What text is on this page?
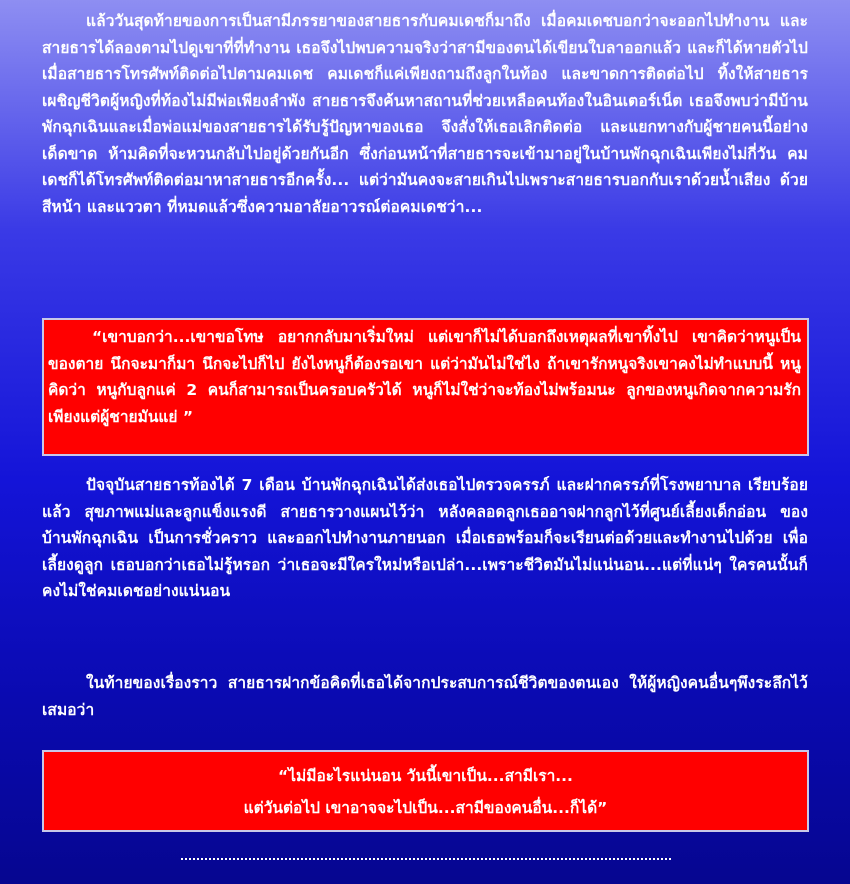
แล้ววันสุดท้ายของการเป็นสามีภรรยาของสายธารกับคมเดชก็มาถึง เมื่อคมเดชบอกว่าจะออกไปทำงาน และสายธารได้ลองตามไปดูเขาที่ที่ทำงาน เธอจึงไปพบความจริงว่าสามีของตนได้เขียนใบลาออกแล้ว และก็ได้หายตัวไป เมื่อสายธารโทรศัพท์ติดต่อไปตามคมเดช คมเดชก็แค่เพียงถามถึงลูกในท้อง และขาดการติดต่อไป ทิ้งให้สายธารเผชิญชีวิตผู้หญิงที่ท้องไม่มีพ่อเพียงลำพัง สายธารจึงค้นหาสถานที่ช่วยเหลือคนท้องในอินเตอร์เน็ต เธอจึงพบว่ามีบ้านพักฉุกเฉินและเมื่อพ่อแม่ของสายธารได้รับรู้ปัญหาของเธอ จึงสั่งให้เธอเลิกติดต่อ และแยกทางกับผู้ชายคนนี้อย่างเด็ดขาด ห้ามคิดที่จะหวนกลับไปอยู่ด้วยกันอีก ซึ่งก่อนหน้าที่สายธารจะเข้ามาอยู่ในบ้านพักฉุกเฉินเพียงไม่กี่วัน คมเดชก็ได้โทรศัพท์ติดต่อมาหาสายธารอีกครั้ง... แต่ว่ามันคงจะสายเกินไปเพราะสายธารบอกกับเราด้วยน้ำเสียง ด้วยสีหน้า และแววตา ที่หมดแล้วซึ่งความอาลัยอาวรณ์ต่อคมเดชว่า...

“เขาบอกว่า...เขาขอโทษ อยากกลับมาเริ่มใหม่ แต่เขาก็ไม่ได้บอกถึงเหตุผลที่เขาทิ้งไป เขาคิดว่าหนูเป็นของตาย นึกจะมาก็มา นึกจะไปก็ไป ยังไงหนูก็ต้องรอเขา แต่ว่ามันไม่ใช่ไง ถ้าเขารักหนูจริงเขาคงไม่ทำแบบนี้ หนูคิดว่า หนูกับลูกแค่ 2 คนก็สามารถเป็นครอบครัวได้ หนูก็ไม่ใช่ว่าจะท้องไม่พร้อมนะ ลูกของหนูเกิดจากความรัก เพียงแต่ผู้ชายมันแย่ ”

ปัจจุบันสายธารท้องได้ 7 เดือน บ้านพักฉุกเฉินได้ส่งเธอไปตรวจครรภ์ และฝากครรภ์ที่โรงพยาบาล เรียบร้อยแล้ว สุขภาพแม่และลูกแข็งแรงดี สายธารวางแผนไว้ว่า หลังคลอดลูกเธออาจฝากลูกไว้ที่ศูนย์เลี้ยงเด็กอ่อน ของ บ้านพักฉุกเฉิน เป็นการชั่วคราว และออกไปทำงานภายนอก เมื่อเธอพร้อมก็จะเรียนต่อด้วยและทำงานไปด้วย เพื่อเลี้ยงดูลูก เธอบอกว่าเธอไม่รู้หรอก ว่าเธอจะมีใครใหม่หรือเปล่า...เพราะชีวิตมันไม่แน่นอน...แต่ที่แน่ๆ ใครคนนั้นก็คงไม่ใช่คมเดชอย่างแน่นอน

ในท้ายของเรื่องราว สายธารฝากข้อคิดที่เธอได้จากประสบการณ์ชีวิตของตนเอง ให้ผู้หญิงคนอื่นๆพึงระลึกไว้เสมอว่า

“ไม่มีอะไรแน่นอน วันนี้เขาเป็น...สามีเรา...

แต่วันต่อไป เขาอาจจะไปเป็น...สามีของคนอื่น...ก็ได้”
